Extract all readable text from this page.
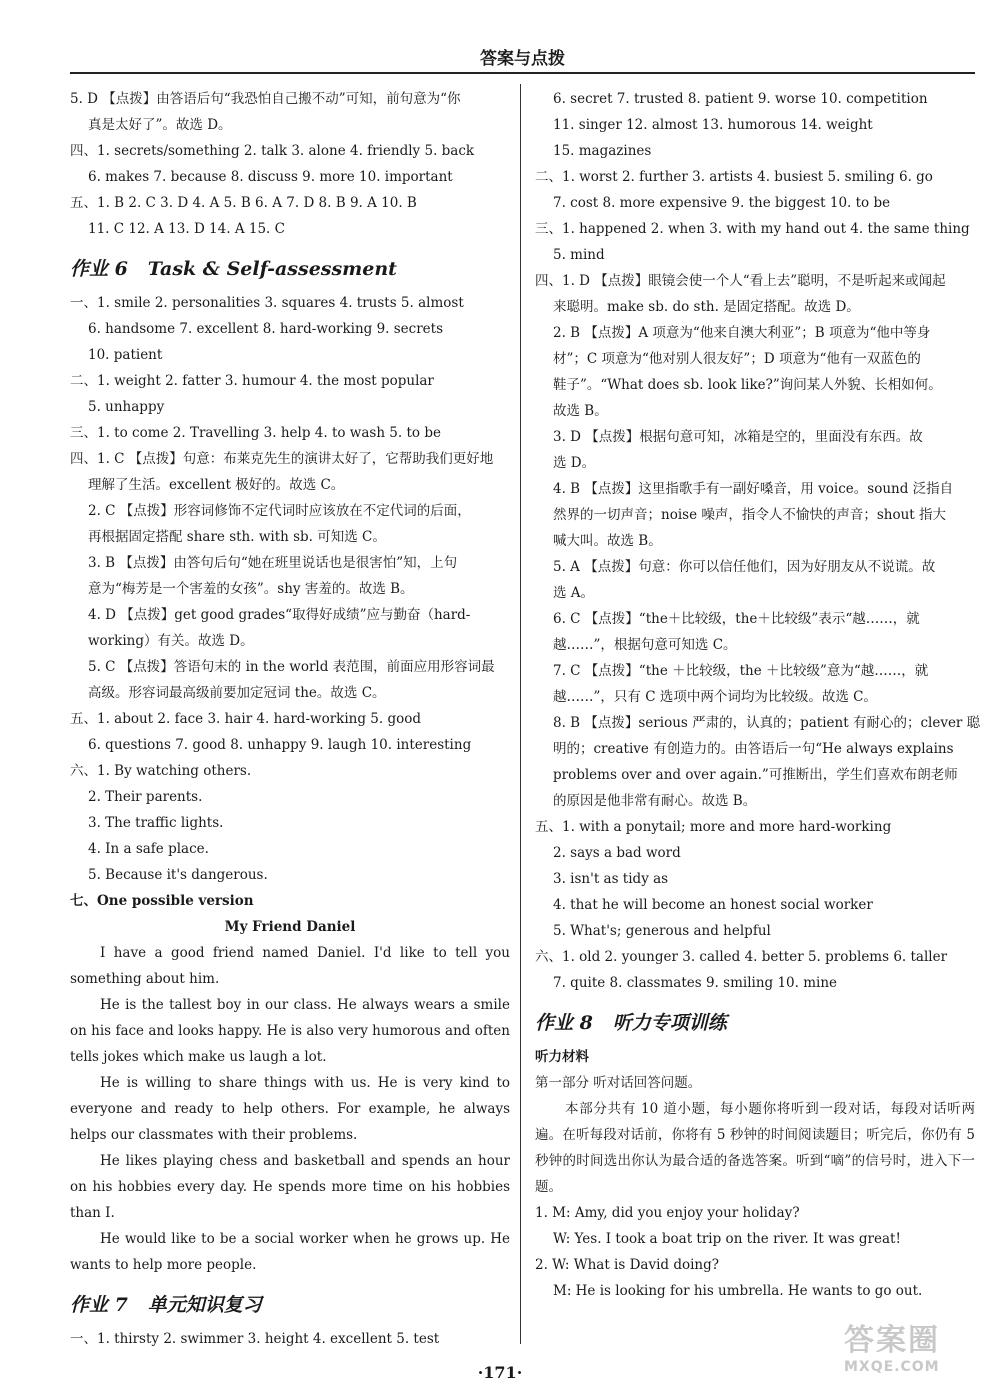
答案与点拨
5. D 【点拨】由答语后句“我恐怕自己搬不动”可知，前句意为“你
真是太好了”。故选 D。
四、1. secrets/something 2. talk 3. alone 4. friendly 5. back
6. makes 7. because 8. discuss 9. more 10. important
五、1. B 2. C 3. D 4. A 5. B 6. A 7. D 8. B 9. A 10. B
11. C 12. A 13. D 14. A 15. C
作业 6 Task & Self-assessment
一、1. smile 2. personalities 3. squares 4. trusts 5. almost
6. handsome 7. excellent 8. hard-working 9. secrets
10. patient
二、1. weight 2. fatter 3. humour 4. the most popular
5. unhappy
三、1. to come 2. Travelling 3. help 4. to wash 5. to be
四、1. C 【点拨】句意：布莱克先生的演讲太好了，它帮助我们更好地
理解了生活。excellent 极好的。故选 C。
2. C 【点拨】形容词修饰不定代词时应该放在不定代词的后面，
再根据固定搭配 share sth. with sb. 可知选 C。
3. B 【点拨】由答句后句“她在班里说话也是很害怕”知，上句
意为“梅芳是一个害羞的女孩”。shy 害羞的。故选 B。
4. D 【点拨】get good grades“取得好成绩”应与勤奋（hard-
working）有关。故选 D。
5. C 【点拨】答语句末的 in the world 表范围，前面应用形容词最
高级。形容词最高级前要加定冠词 the。故选 C。
五、1. about 2. face 3. hair 4. hard-working 5. good
6. questions 7. good 8. unhappy 9. laugh 10. interesting
六、1. By watching others.
2. Their parents.
3. The traffic lights.
4. In a safe place.
5. Because it's dangerous.
七、One possible version
My Friend Daniel

I have a good friend named Daniel. I'd like to tell you something about him.

He is the tallest boy in our class. He always wears a smile on his face and looks happy. He is also very humorous and often tells jokes which make us laugh a lot.

He is willing to share things with us. He is very kind to everyone and ready to help others. For example, he always helps our classmates with their problems.

He likes playing chess and basketball and spends an hour on his hobbies every day. He spends more time on his hobbies than I.

He would like to be a social worker when he grows up. He wants to help more people.

作业 7 单元知识复习
一、1. thirsty 2. swimmer 3. height 4. excellent 5. test
6. secret 7. trusted 8. patient 9. worse 10. competition
11. singer 12. almost 13. humorous 14. weight
15. magazines
二、1. worst 2. further 3. artists 4. busiest 5. smiling 6. go
7. cost 8. more expensive 9. the biggest 10. to be
三、1. happened 2. when 3. with my hand out 4. the same thing
5. mind
四、1. D 【点拨】眼镜会使一个人“看上去”聪明，不是听起来或闻起
来聪明。make sb. do sth. 是固定搭配。故选 D。
2. B 【点拨】A 项意为“他来自澳大利亚”；B 项意为“他中等身
材”；C 项意为“他对别人很友好”；D 项意为“他有一双蓝色的
鞋子”。“What does sb. look like?”询问某人外貌、长相如何。
故选 B。
3. D 【点拨】根据句意可知，冰箱是空的，里面没有东西。故
选 D。
4. B 【点拨】这里指歌手有一副好嗓音，用 voice。sound 泛指自
然界的一切声音；noise 噪声，指令人不愉快的声音；shout 指大
喊大叫。故选 B。
5. A 【点拨】句意：你可以信任他们，因为好朋友从不说谎。故
选 A。
6. C 【点拨】“the＋比较级，the＋比较级”表示“越……，就
越……”，根据句意可知选 C。
7. C 【点拨】“the ＋比较级，the ＋比较级”意为“越……，就
越……”，只有 C 选项中两个词均为比较级。故选 C。
8. B 【点拨】serious 严肃的，认真的；patient 有耐心的；clever 聪
明的；creative 有创造力的。由答语后一句“He always explains
problems over and over again.”可推断出，学生们喜欢布朗老师
的原因是他非常有耐心。故选 B。
五、1. with a ponytail; more and more hard-working
2. says a bad word
3. isn't as tidy as
4. that he will become an honest social worker
5. What's; generous and helpful
六、1. old 2. younger 3. called 4. better 5. problems 6. taller
7. quite 8. classmates 9. smiling 10. mine
作业 8 听力专项训练
听力材料
第一部分 听对话回答问题。

本部分共有 10 道小题，每小题你将听到一段对话，每段对话听两遍。在听每段对话前，你将有 5 秒钟的时间阅读题目；听完后，你仍有 5 秒钟的时间选出你认为最合适的备选答案。听到“嘀”的信号时，进入下一题。

1. M: Amy, did you enjoy your holiday?
W: Yes. I took a boat trip on the river. It was great!
2. W: What is David doing?
M: He is looking for his umbrella. He wants to go out.
·171·
答案圈
MXQE.COM
